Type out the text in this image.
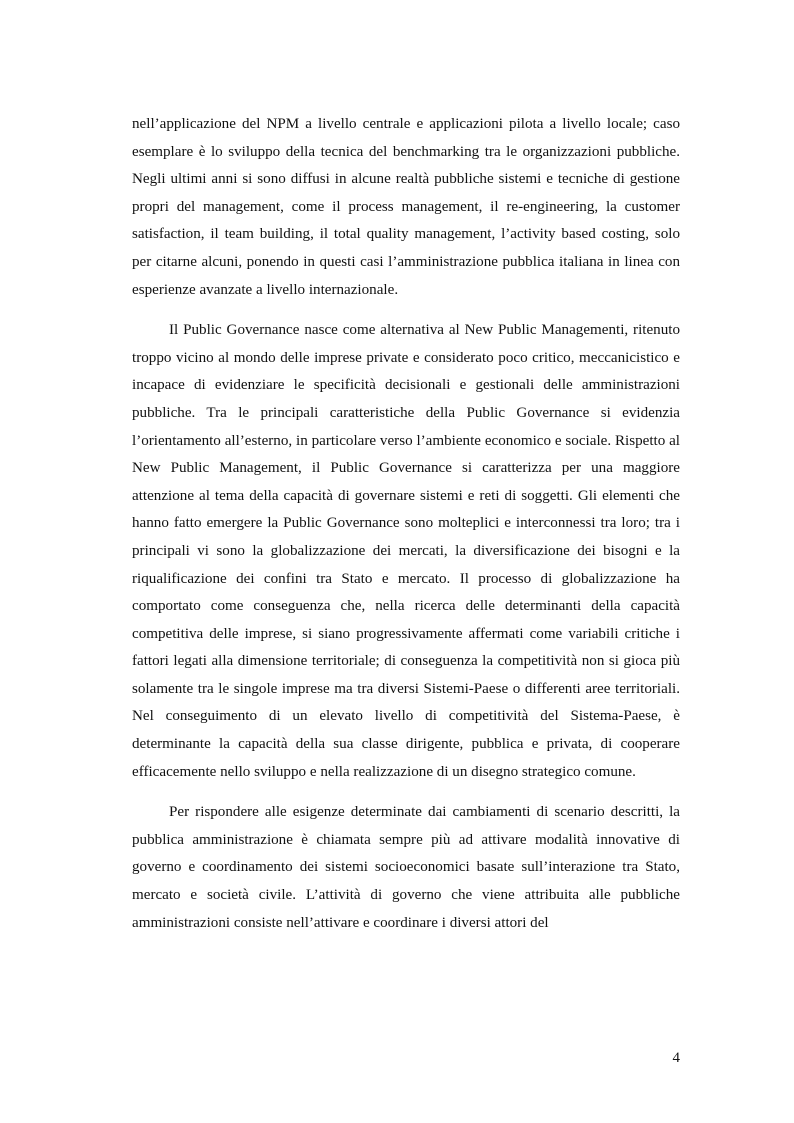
nell’applicazione del NPM a livello centrale e applicazioni pilota a livello locale; caso esemplare è lo sviluppo della tecnica del benchmarking tra le organizzazioni pubbliche. Negli ultimi anni si sono diffusi in alcune realtà pubbliche sistemi e tecniche di gestione propri del management, come il process management, il re-engineering, la customer satisfaction, il team building, il total quality management, l’activity based costing, solo per citarne alcuni, ponendo in questi casi l’amministrazione pubblica italiana in linea con esperienze avanzate a livello internazionale.

Il Public Governance nasce come alternativa al New Public Managementi, ritenuto troppo vicino al mondo delle imprese private e considerato poco critico, meccanicistico e incapace di evidenziare le specificità decisionali e gestionali delle amministrazioni pubbliche. Tra le principali caratteristiche della Public Governance si evidenzia l’orientamento all’esterno, in particolare verso l’ambiente economico e sociale. Rispetto al New Public Management, il Public Governance si caratterizza per una maggiore attenzione al tema della capacità di governare sistemi e reti di soggetti. Gli elementi che hanno fatto emergere la Public Governance sono molteplici e interconnessi tra loro; tra i principali vi sono la globalizzazione dei mercati, la diversificazione dei bisogni e la riqualificazione dei confini tra Stato e mercato. Il processo di globalizzazione ha comportato come conseguenza che, nella ricerca delle determinanti della capacità competitiva delle imprese, si siano progressivamente affermati come variabili critiche i fattori legati alla dimensione territoriale; di conseguenza la competitività non si gioca più solamente tra le singole imprese ma tra diversi Sistemi-Paese o differenti aree territoriali. Nel conseguimento di un elevato livello di competitività del Sistema-Paese, è determinante la capacità della sua classe dirigente, pubblica e privata, di cooperare efficacemente nello sviluppo e nella realizzazione di un disegno strategico comune.

Per rispondere alle esigenze determinate dai cambiamenti di scenario descritti, la pubblica amministrazione è chiamata sempre più ad attivare modalità innovative di governo e coordinamento dei sistemi socioeconomici basate sull’interazione tra Stato, mercato e società civile. L’attività di governo che viene attribuita alle pubbliche amministrazioni consiste nell’attivare e coordinare i diversi attori del

4
